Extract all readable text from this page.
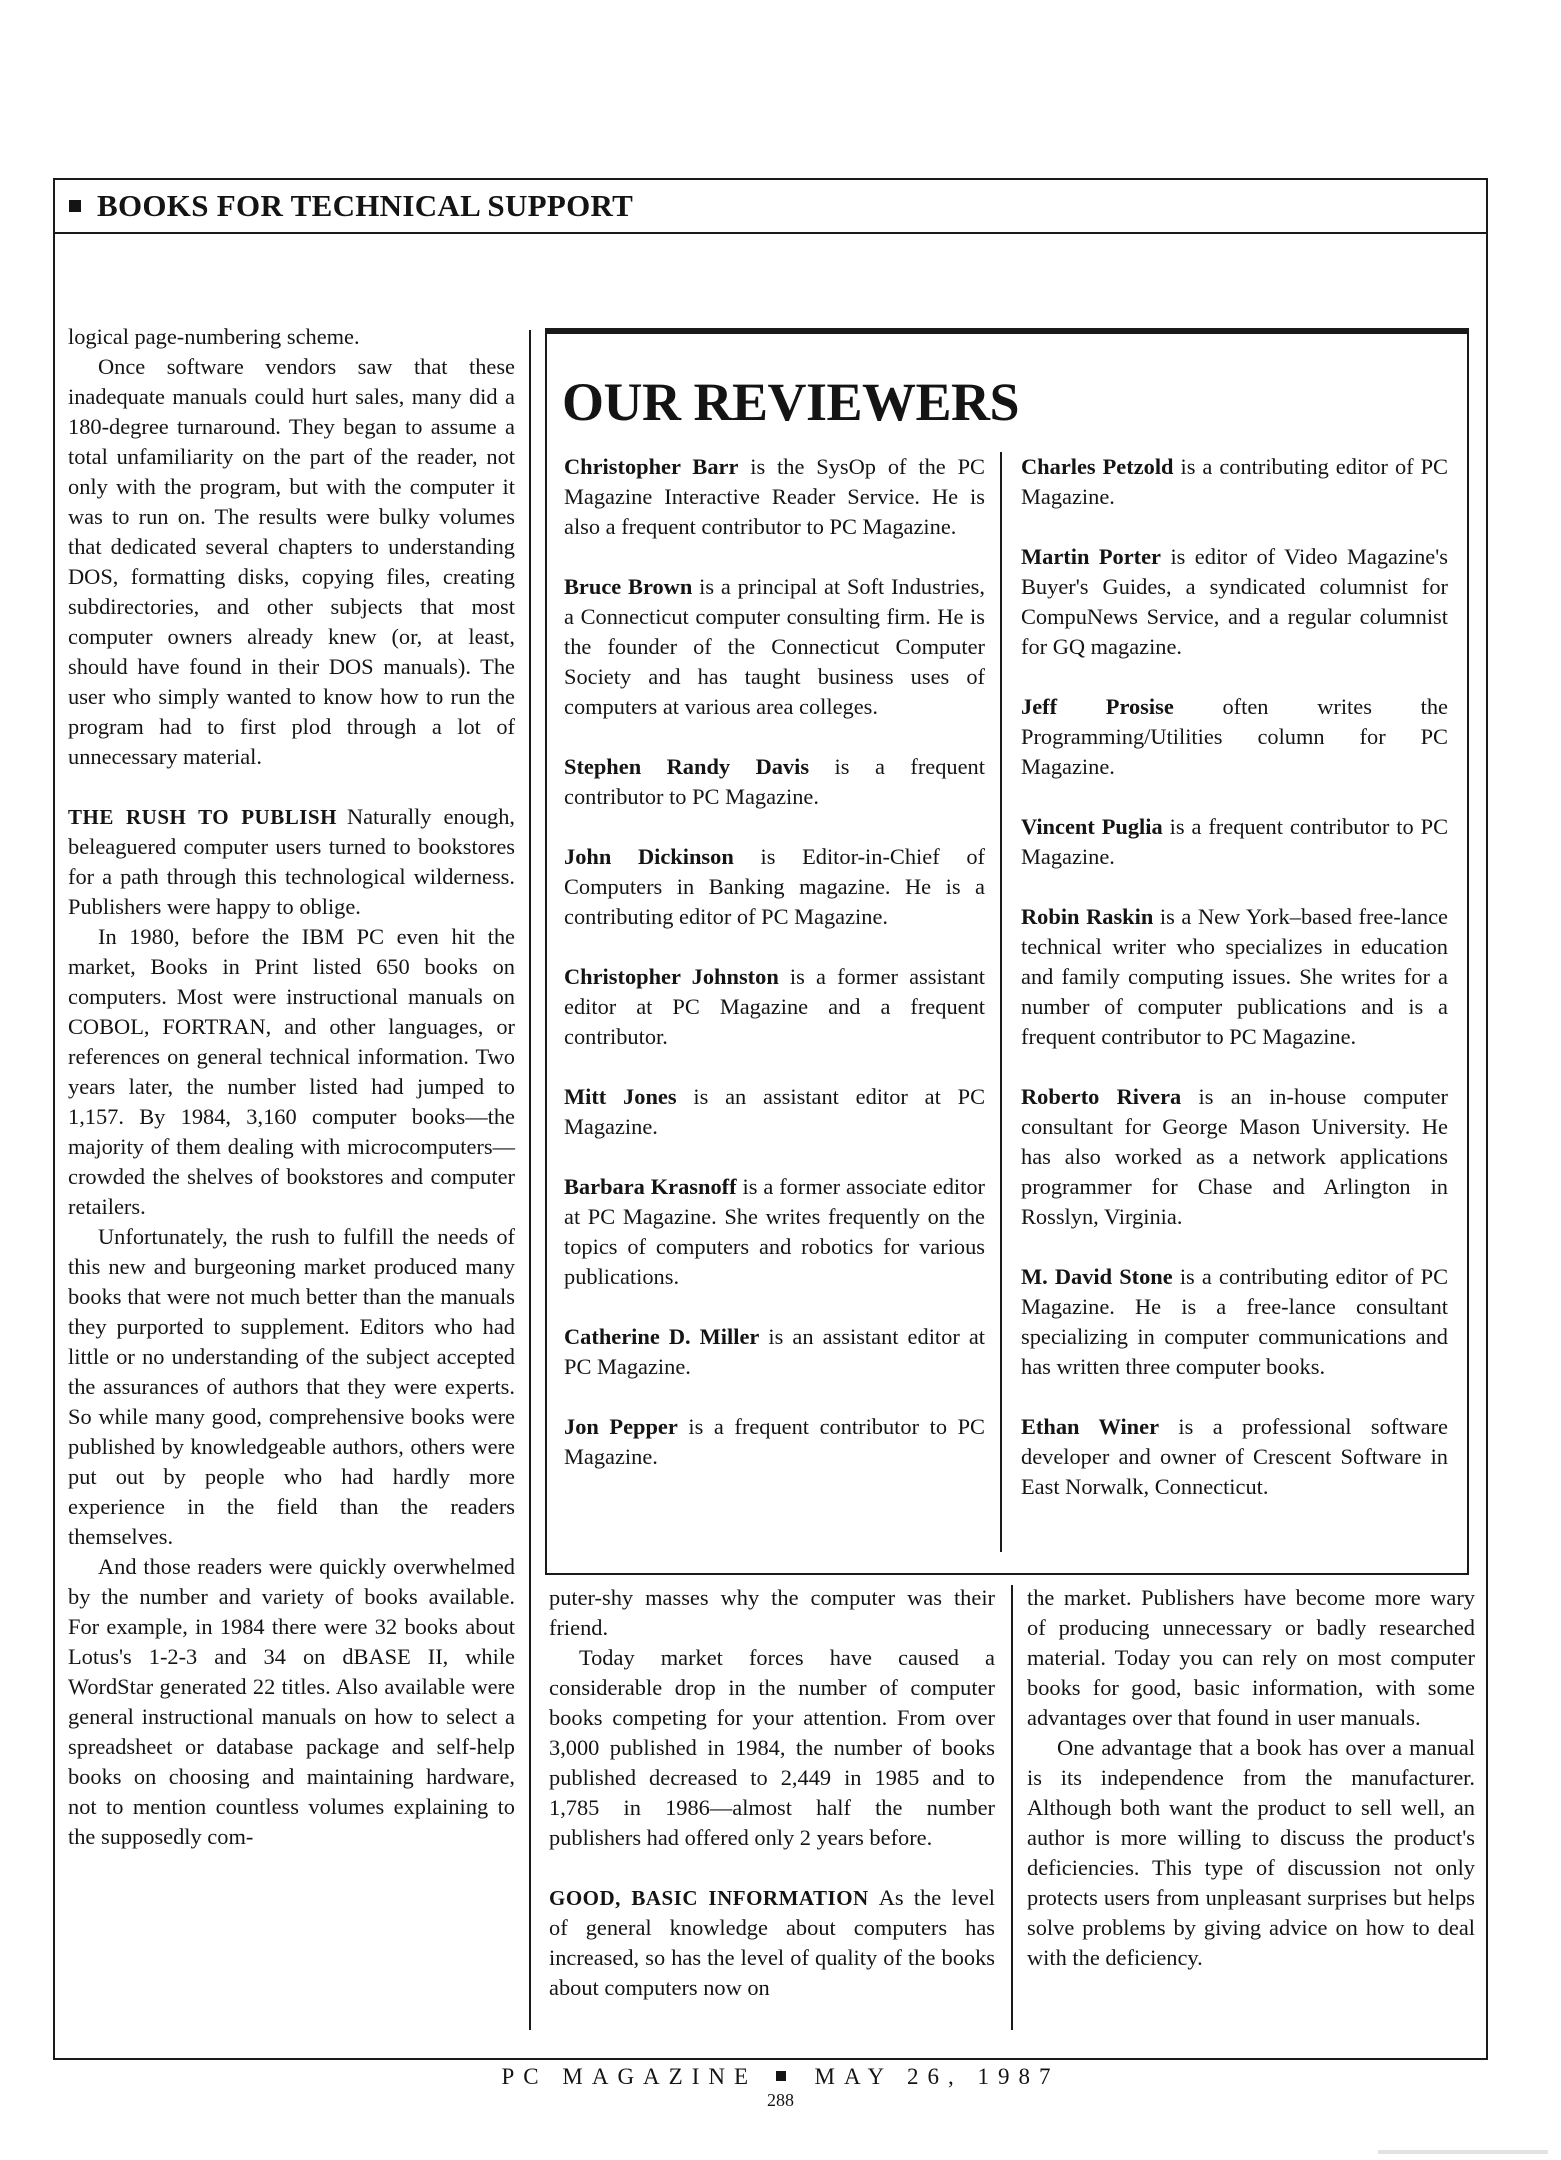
BOOKS FOR TECHNICAL SUPPORT

logical page-numbering scheme.

Once software vendors saw that these inadequate manuals could hurt sales, many did a 180-degree turnaround. They began to assume a total unfamiliarity on the part of the reader, not only with the program, but with the computer it was to run on. The results were bulky volumes that dedicated several chapters to understanding DOS, formatting disks, copying files, creating subdirectories, and other subjects that most computer owners already knew (or, at least, should have found in their DOS manuals). The user who simply wanted to know how to run the program had to first plod through a lot of unnecessary material.

THE RUSH TO PUBLISH Naturally enough, beleaguered computer users turned to bookstores for a path through this technological wilderness. Publishers were happy to oblige.

In 1980, before the IBM PC even hit the market, Books in Print listed 650 books on computers. Most were instructional manuals on COBOL, FORTRAN, and other languages, or references on general technical information. Two years later, the number listed had jumped to 1,157. By 1984, 3,160 computer books—the majority of them dealing with microcomputers—crowded the shelves of bookstores and computer retailers.

Unfortunately, the rush to fulfill the needs of this new and burgeoning market produced many books that were not much better than the manuals they purported to supplement. Editors who had little or no understanding of the subject accepted the assurances of authors that they were experts. So while many good, comprehensive books were published by knowledgeable authors, others were put out by people who had hardly more experience in the field than the readers themselves.

And those readers were quickly overwhelmed by the number and variety of books available. For example, in 1984 there were 32 books about Lotus's 1-2-3 and 34 on dBASE II, while WordStar generated 22 titles. Also available were general instructional manuals on how to select a spreadsheet or database package and self-help books on choosing and maintaining hardware, not to mention countless volumes explaining to the supposedly com-

OUR REVIEWERS

Christopher Barr is the SysOp of the PC Magazine Interactive Reader Service. He is also a frequent contributor to PC Magazine.

Bruce Brown is a principal at Soft Industries, a Connecticut computer consulting firm. He is the founder of the Connecticut Computer Society and has taught business uses of computers at various area colleges.

Stephen Randy Davis is a frequent contributor to PC Magazine.

John Dickinson is Editor-in-Chief of Computers in Banking magazine. He is a contributing editor of PC Magazine.

Christopher Johnston is a former assistant editor at PC Magazine and a frequent contributor.

Mitt Jones is an assistant editor at PC Magazine.

Barbara Krasnoff is a former associate editor at PC Magazine. She writes frequently on the topics of computers and robotics for various publications.

Catherine D. Miller is an assistant editor at PC Magazine.

Jon Pepper is a frequent contributor to PC Magazine.

Charles Petzold is a contributing editor of PC Magazine.

Martin Porter is editor of Video Magazine's Buyer's Guides, a syndicated columnist for CompuNews Service, and a regular columnist for GQ magazine.

Jeff Prosise often writes the Programming/Utilities column for PC Magazine.

Vincent Puglia is a frequent contributor to PC Magazine.

Robin Raskin is a New York–based free-lance technical writer who specializes in education and family computing issues. She writes for a number of computer publications and is a frequent contributor to PC Magazine.

Roberto Rivera is an in-house computer consultant for George Mason University. He has also worked as a network applications programmer for Chase and Arlington in Rosslyn, Virginia.

M. David Stone is a contributing editor of PC Magazine. He is a free-lance consultant specializing in computer communications and has written three computer books.

Ethan Winer is a professional software developer and owner of Crescent Software in East Norwalk, Connecticut.

puter-shy masses why the computer was their friend.

Today market forces have caused a considerable drop in the number of computer books competing for your attention. From over 3,000 published in 1984, the number of books published decreased to 2,449 in 1985 and to 1,785 in 1986—almost half the number publishers had offered only 2 years before.

GOOD, BASIC INFORMATION As the level of general knowledge about computers has increased, so has the level of quality of the books about computers now on

the market. Publishers have become more wary of producing unnecessary or badly researched material. Today you can rely on most computer books for good, basic information, with some advantages over that found in user manuals.

One advantage that a book has over a manual is its independence from the manufacturer. Although both want the product to sell well, an author is more willing to discuss the product's deficiencies. This type of discussion not only protects users from unpleasant surprises but helps solve problems by giving advice on how to deal with the deficiency.

PC MAGAZINE	MAY 26, 1987
288
